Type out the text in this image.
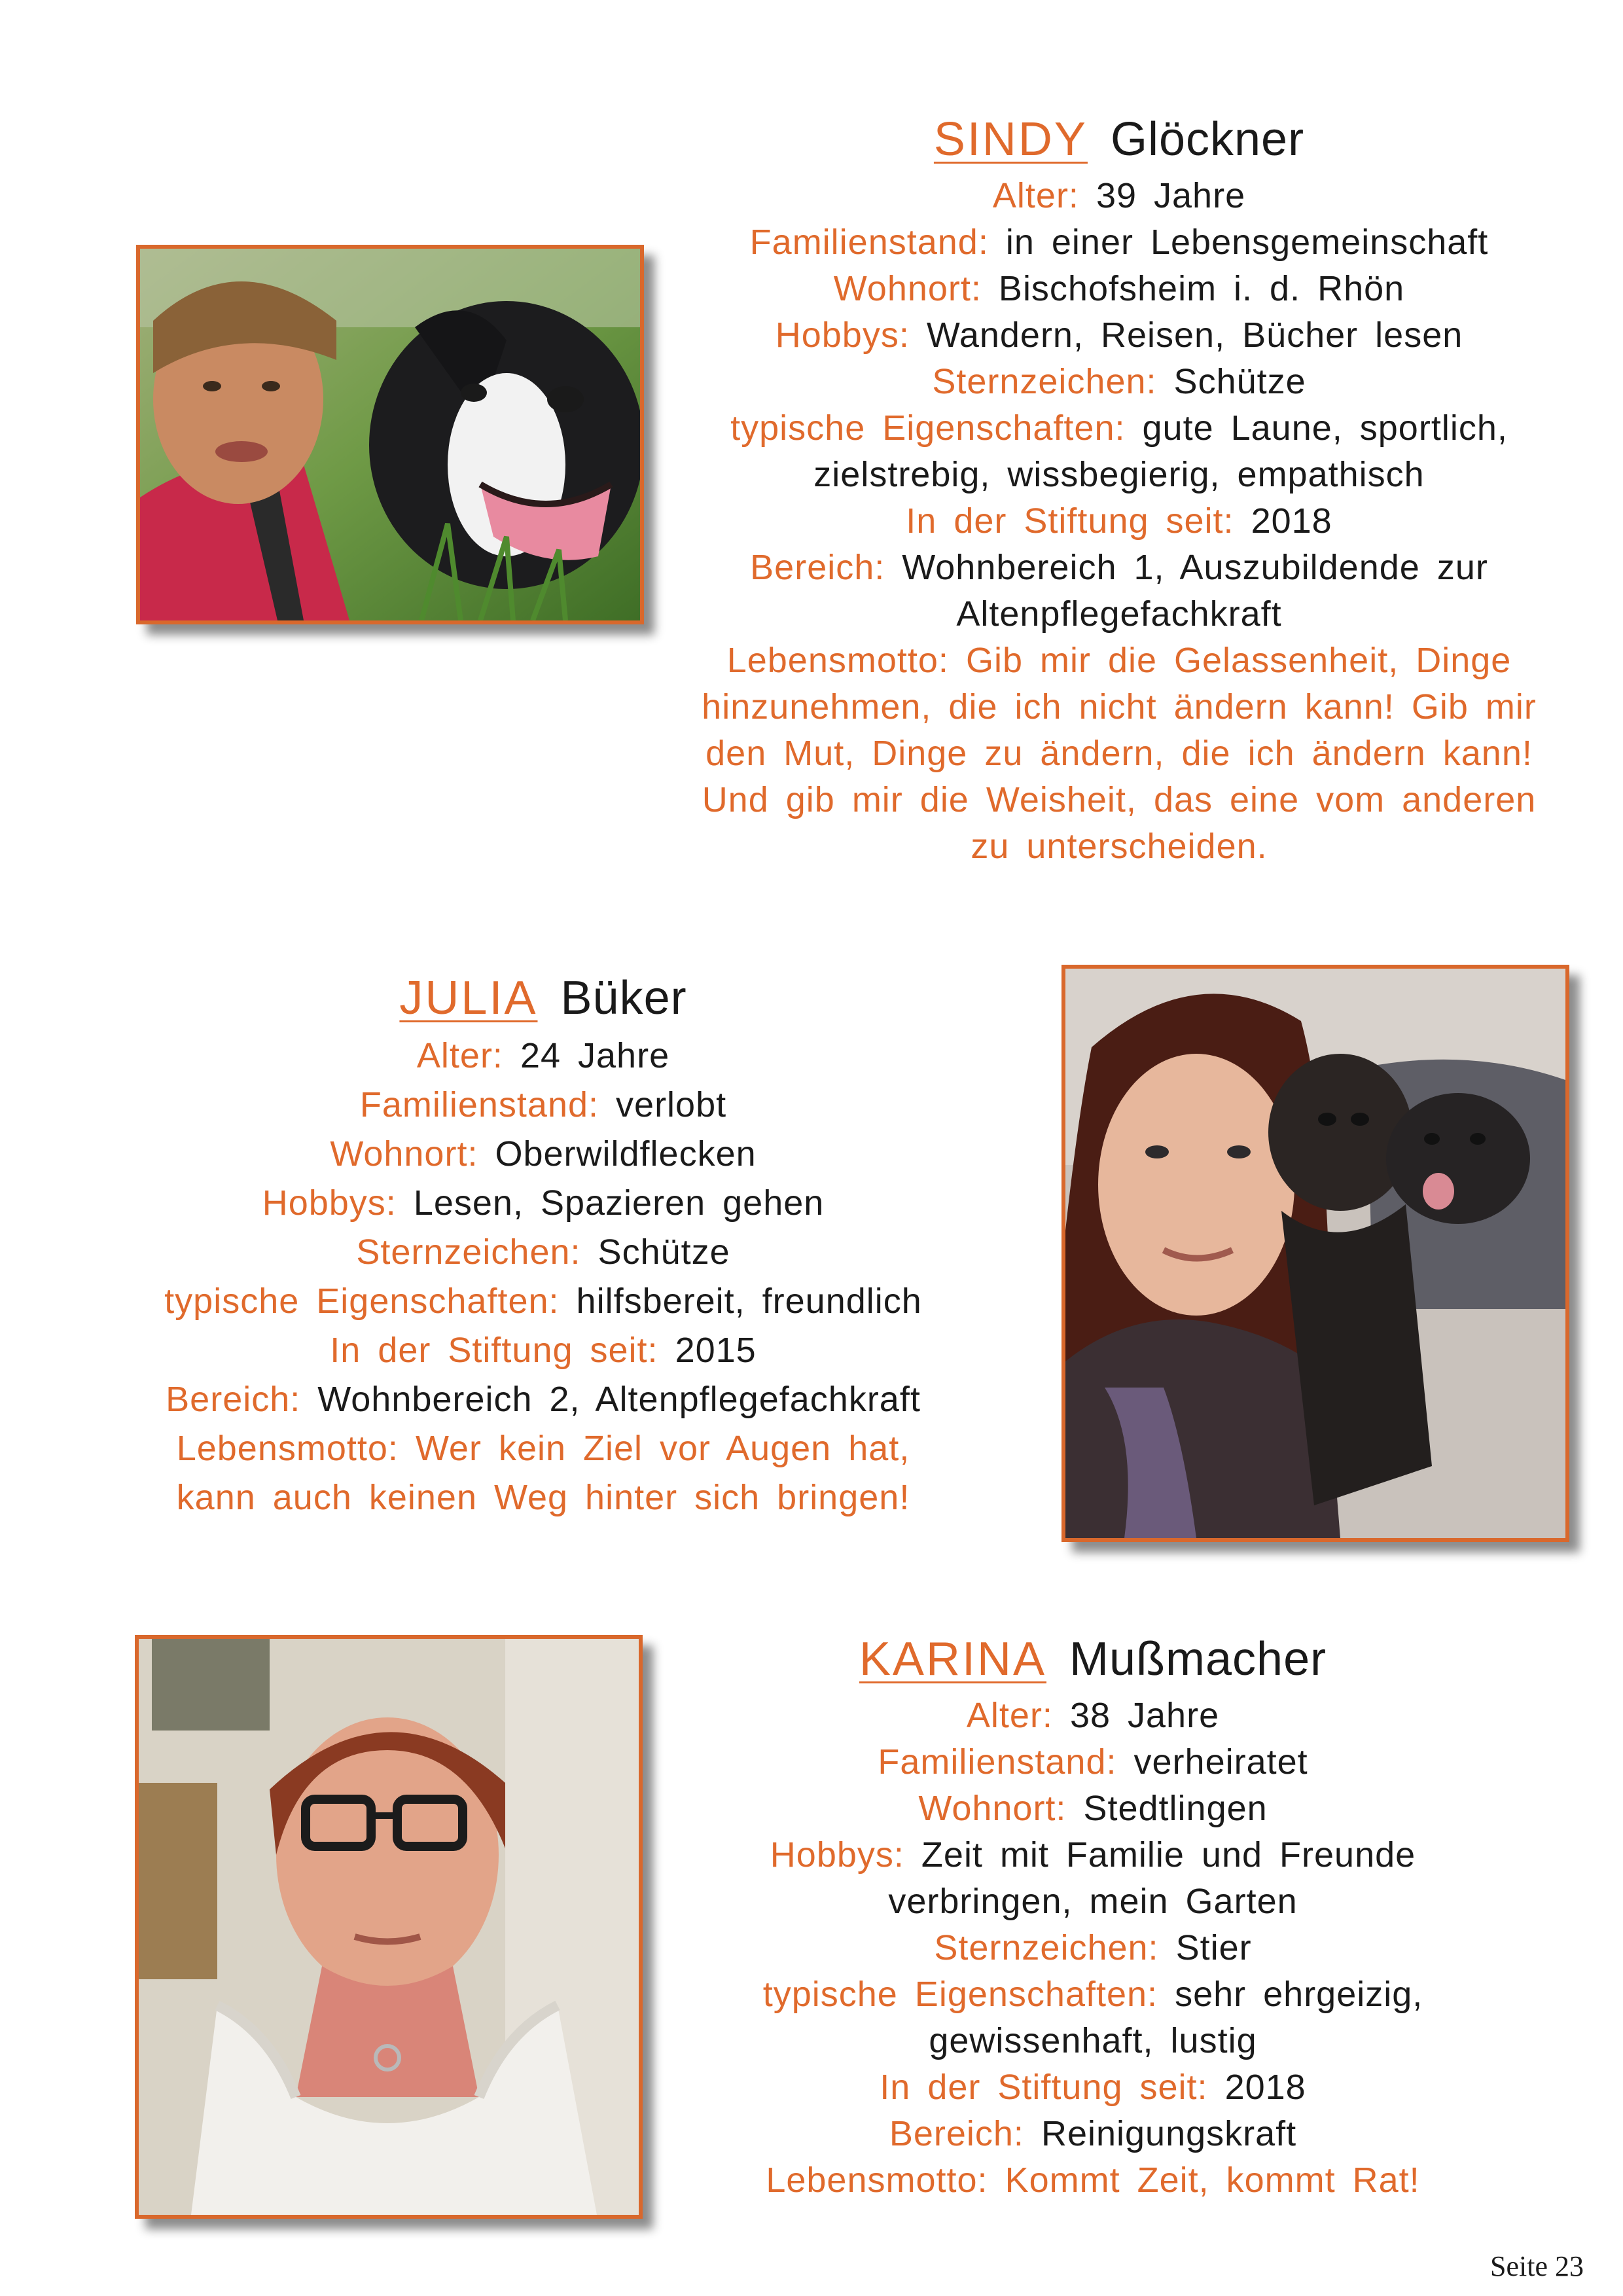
SINDY Glöckner
Alter: 39 Jahre
Familienstand: in einer Lebensgemeinschaft
Wohnort: Bischofsheim i. d. Rhön
Hobbys: Wandern, Reisen, Bücher lesen
Sternzeichen: Schütze
typische Eigenschaften: gute Laune, sportlich,
zielstrebig, wissbegierig, empathisch
In der Stiftung seit: 2018
Bereich: Wohnbereich 1, Auszubildende zur
Altenpflegefachkraft
Lebensmotto: Gib mir die Gelassenheit, Dinge
hinzunehmen, die ich nicht ändern kann! Gib mir
den Mut, Dinge zu ändern, die ich ändern kann!
Und gib mir die Weisheit, das eine vom anderen
zu unterscheiden.
JULIA Büker
Alter: 24 Jahre
Familienstand: verlobt
Wohnort: Oberwildflecken
Hobbys: Lesen, Spazieren gehen
Sternzeichen: Schütze
typische Eigenschaften: hilfsbereit, freundlich
In der Stiftung seit: 2015
Bereich: Wohnbereich 2, Altenpflegefachkraft
Lebensmotto: Wer kein Ziel vor Augen hat,
kann auch keinen Weg hinter sich bringen!
KARINA Mußmacher
Alter: 38 Jahre
Familienstand: verheiratet
Wohnort: Stedtlingen
Hobbys: Zeit mit Familie und Freunde
verbringen, mein Garten
Sternzeichen: Stier
typische Eigenschaften: sehr ehrgeizig,
gewissenhaft, lustig
In der Stiftung seit: 2018
Bereich: Reinigungskraft
Lebensmotto: Kommt Zeit, kommt Rat!
Seite 23
